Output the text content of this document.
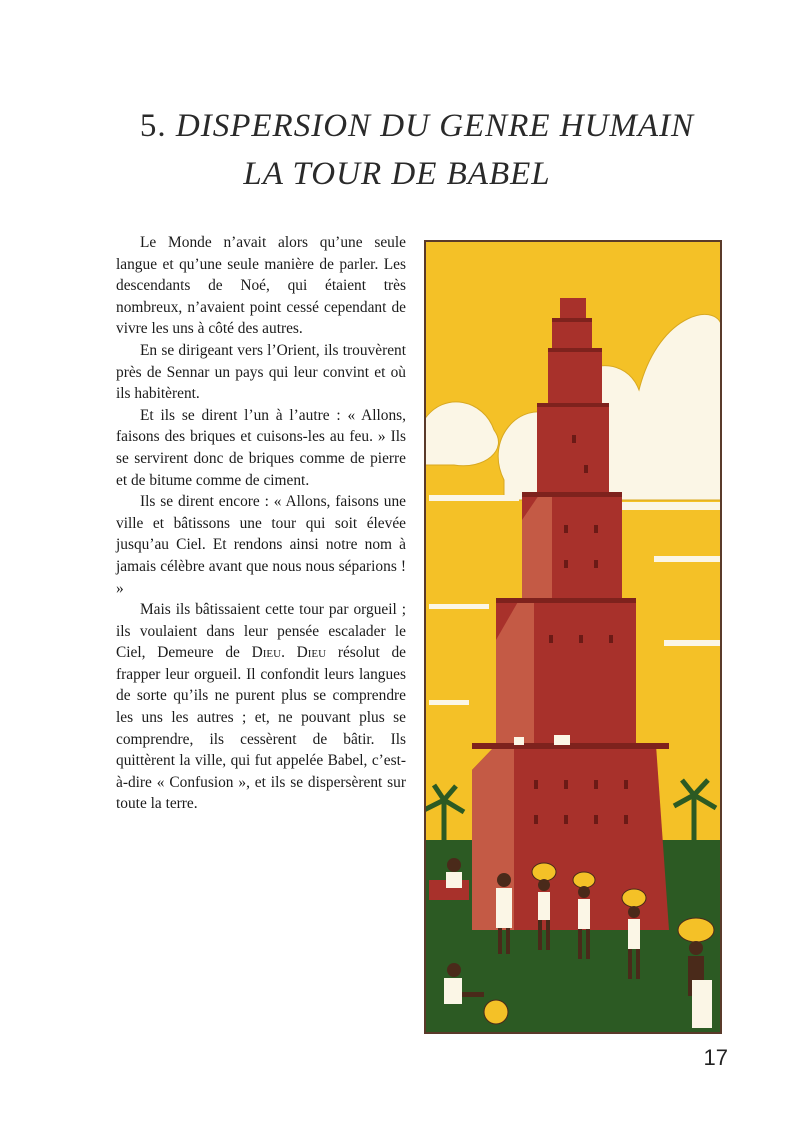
5. DISPERSION DU GENRE HUMAIN
LA TOUR DE BABEL

Le Monde n’avait alors qu’une seule langue et qu’une seule manière de parler. Les descendants de Noé, qui étaient très nombreux, n’avaient point cessé cependant de vivre les uns à côté des autres.

En se dirigeant vers l’Orient, ils trouvèrent près de Sennar un pays qui leur convint et où ils habitèrent.

Et ils se dirent l’un à l’autre : « Allons, faisons des briques et cuisons-les au feu. » Ils se servirent donc de briques comme de pierre et de bitume comme de ciment.

Ils se dirent encore : « Allons, faisons une ville et bâtissons une tour qui soit élevée jusqu’au Ciel. Et rendons ainsi notre nom à jamais célèbre avant que nous nous séparions ! »

Mais ils bâtissaient cette tour par orgueil ; ils voulaient dans leur pensée escalader le Ciel, Demeure de Dieu. Dieu résolut de frapper leur orgueil. Il confondit leurs langues de sorte qu’ils ne purent plus se comprendre les uns les autres ; et, ne pouvant plus se comprendre, ils cessèrent de bâtir. Ils quittèrent la ville, qui fut appelée Babel, c’est-à-dire « Confusion », et ils se dispersèrent sur toute la terre.

17
